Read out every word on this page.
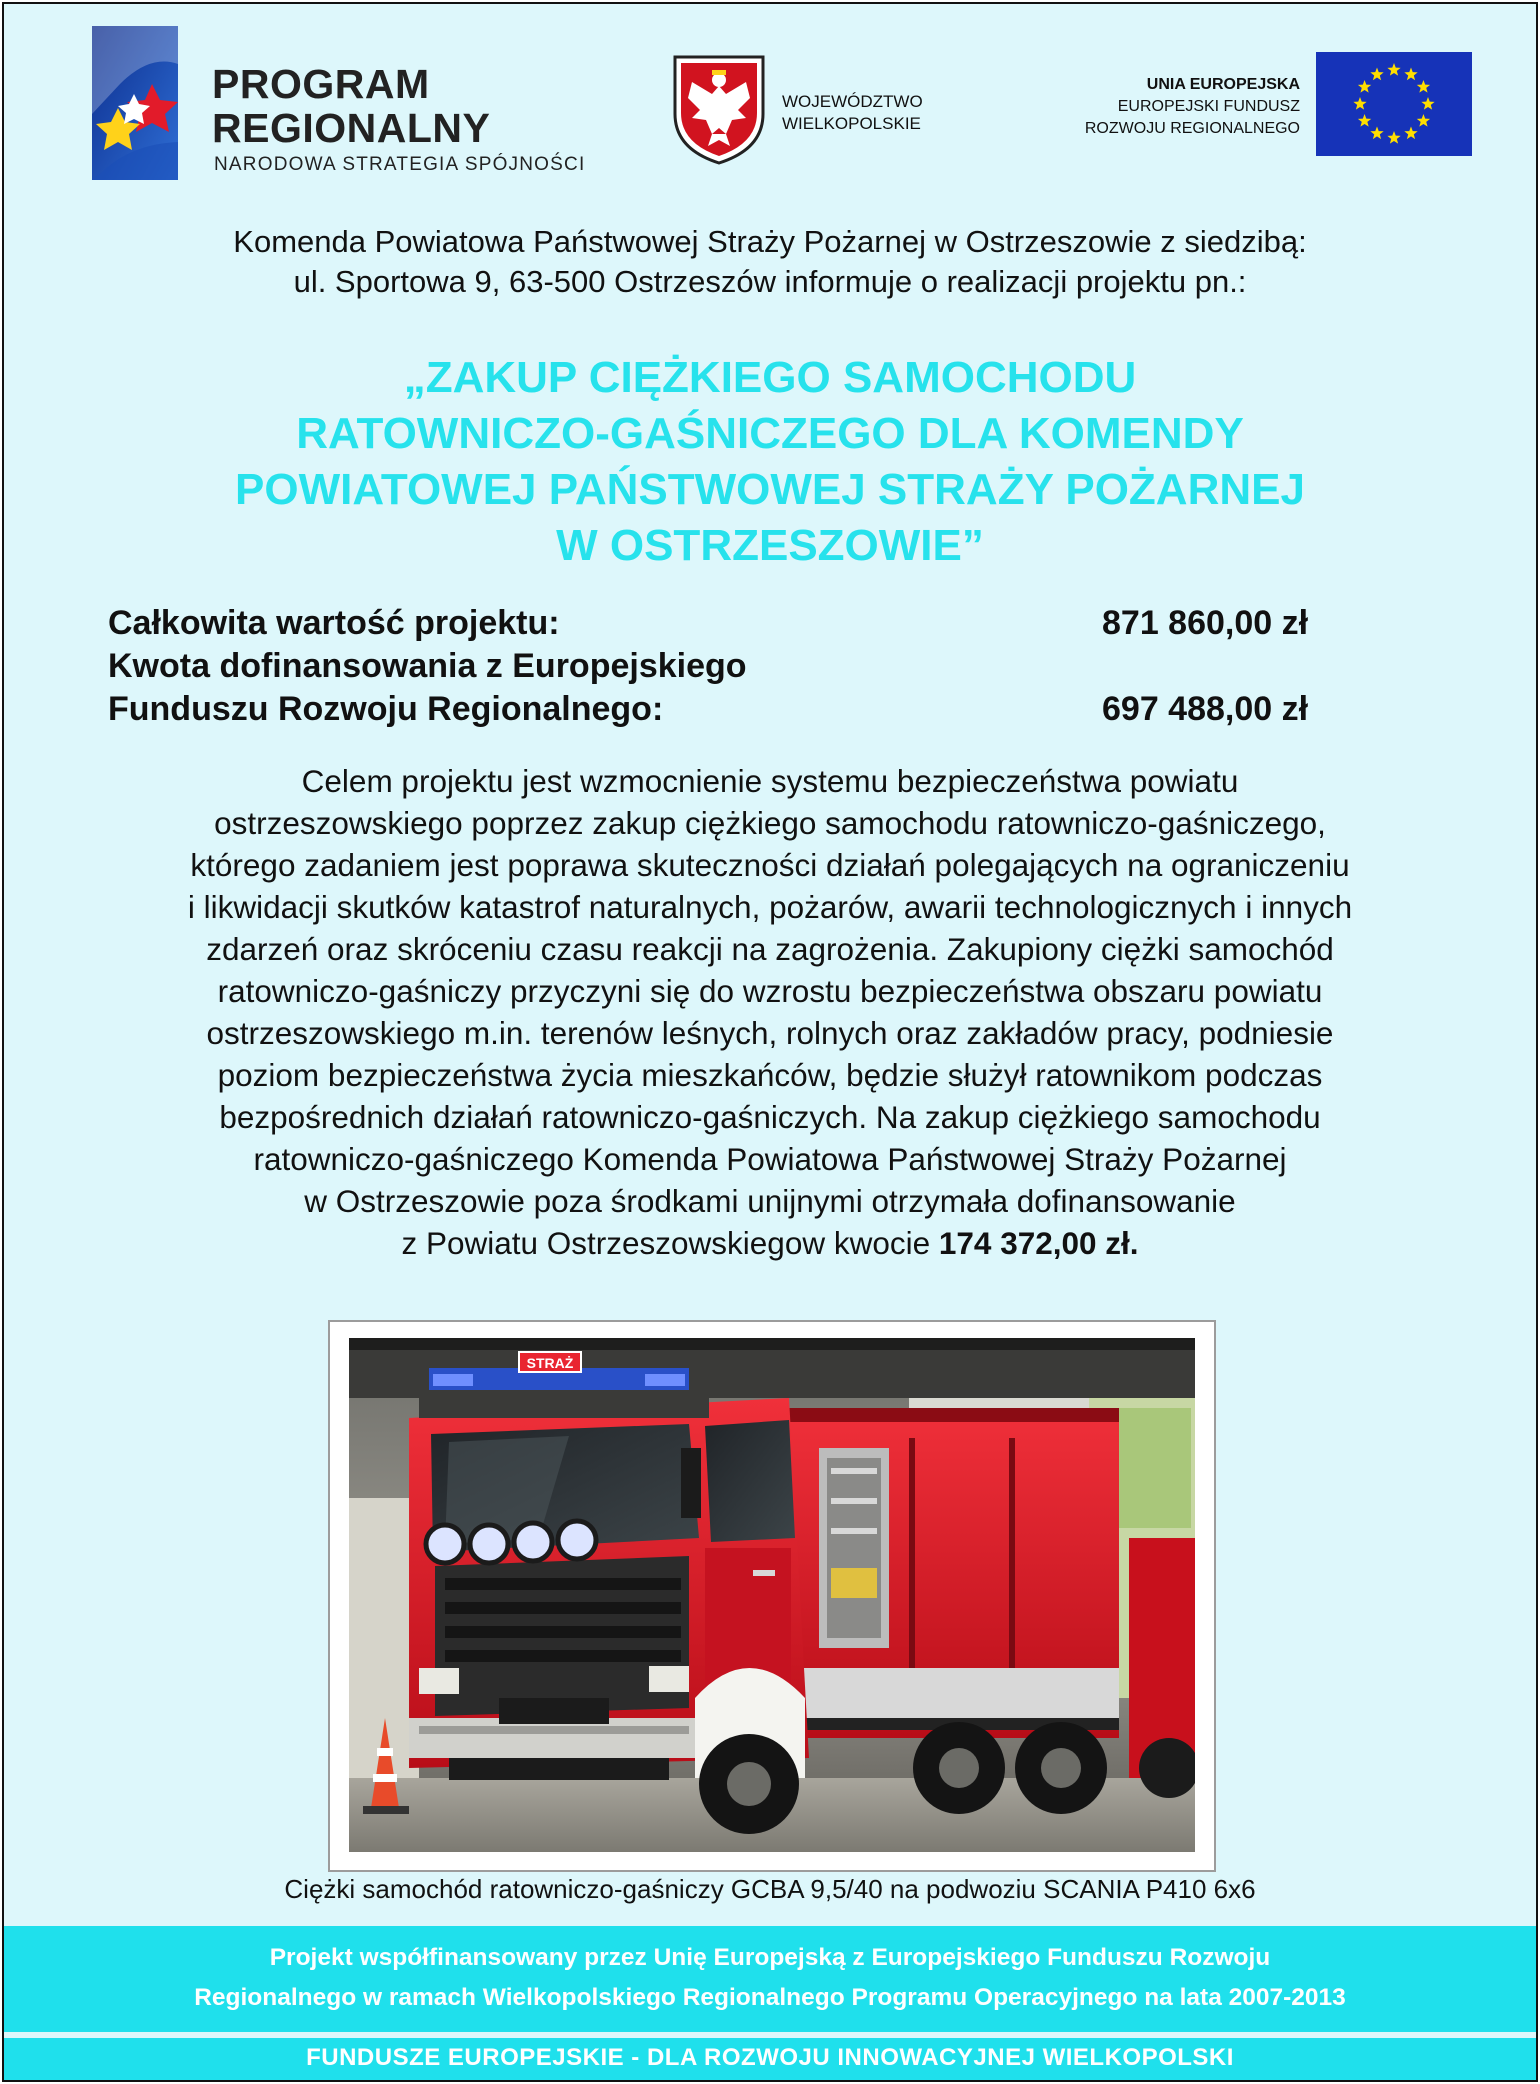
PROGRAM
REGIONALNY
NARODOWA STRATEGIA SPÓJNOŚCI
WOJEWÓDZTWO
WIELKOPOLSKIE
UNIA EUROPEJSKA
EUROPEJSKI FUNDUSZ
ROZWOJU REGIONALNEGO
Komenda Powiatowa Państwowej Straży Pożarnej w Ostrzeszowie z siedzibą:
ul. Sportowa 9, 63-500 Ostrzeszów informuje o realizacji projektu pn.:
„ZAKUP CIĘŻKIEGO SAMOCHODU
RATOWNICZO-GAŚNICZEGO DLA KOMENDY
POWIATOWEJ PAŃSTWOWEJ STRAŻY POŻARNEJ
W OSTRZESZOWIE”
Całkowita wartość projektu:	871 860,00 zł
Kwota dofinansowania z Europejskiego
Funduszu Rozwoju Regionalnego:	697 488,00 zł
Celem projektu jest wzmocnienie systemu bezpieczeństwa powiatu
ostrzeszowskiego poprzez zakup ciężkiego samochodu ratowniczo-gaśniczego,
którego zadaniem jest poprawa skuteczności działań polegających na ograniczeniu
i likwidacji skutków katastrof naturalnych, pożarów, awarii technologicznych i innych
zdarzeń oraz skróceniu czasu reakcji na zagrożenia. Zakupiony ciężki samochód
ratowniczo-gaśniczy przyczyni się do wzrostu bezpieczeństwa obszaru powiatu
ostrzeszowskiego m.in. terenów leśnych, rolnych oraz zakładów pracy, podniesie
poziom bezpieczeństwa życia mieszkańców, będzie służył ratownikom podczas
bezpośrednich działań ratowniczo-gaśniczych. Na zakup ciężkiego samochodu
ratowniczo-gaśniczego Komenda Powiatowa Państwowej Straży Pożarnej
w Ostrzeszowie poza środkami unijnymi otrzymała dofinansowanie
z Powiatu Ostrzeszowskiegow kwocie 174 372,00 zł.
STRAŻ
Ciężki samochód ratowniczo-gaśniczy GCBA 9,5/40 na podwoziu SCANIA P410 6x6
Projekt współfinansowany przez Unię Europejską z Europejskiego Funduszu Rozwoju
Regionalnego w ramach Wielkopolskiego Regionalnego Programu Operacyjnego na lata 2007-2013
FUNDUSZE EUROPEJSKIE - DLA ROZWOJU INNOWACYJNEJ WIELKOPOLSKI
